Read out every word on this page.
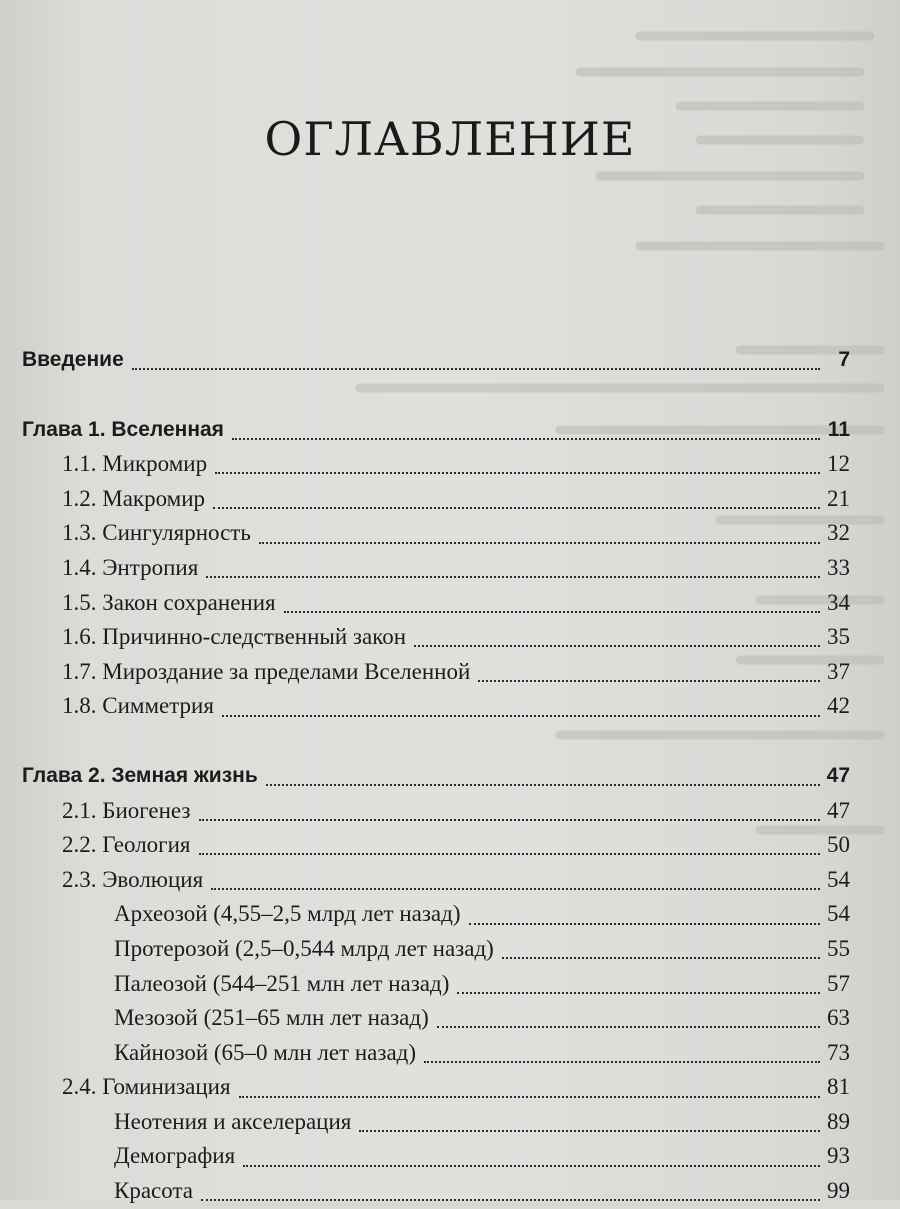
ОГЛАВЛЕНИЕ
Введение	7
Глава 1. Вселенная	11
1.1. Микромир	12
1.2. Макромир	21
1.3. Сингулярность	32
1.4. Энтропия	33
1.5. Закон сохранения	34
1.6. Причинно-следственный закон	35
1.7. Мироздание за пределами Вселенной	37
1.8. Симметрия	42
Глава 2. Земная жизнь	47
2.1. Биогенез	47
2.2. Геология	50
2.3. Эволюция	54
Археозой (4,55–2,5 млрд лет назад)	54
Протерозой (2,5–0,544 млрд лет назад)	55
Палеозой (544–251 млн лет назад)	57
Мезозой (251–65 млн лет назад)	63
Кайнозой (65–0 млн лет назад)	73
2.4. Гоминизация	81
Неотения и акселерация	89
Демография	93
Красота	99
